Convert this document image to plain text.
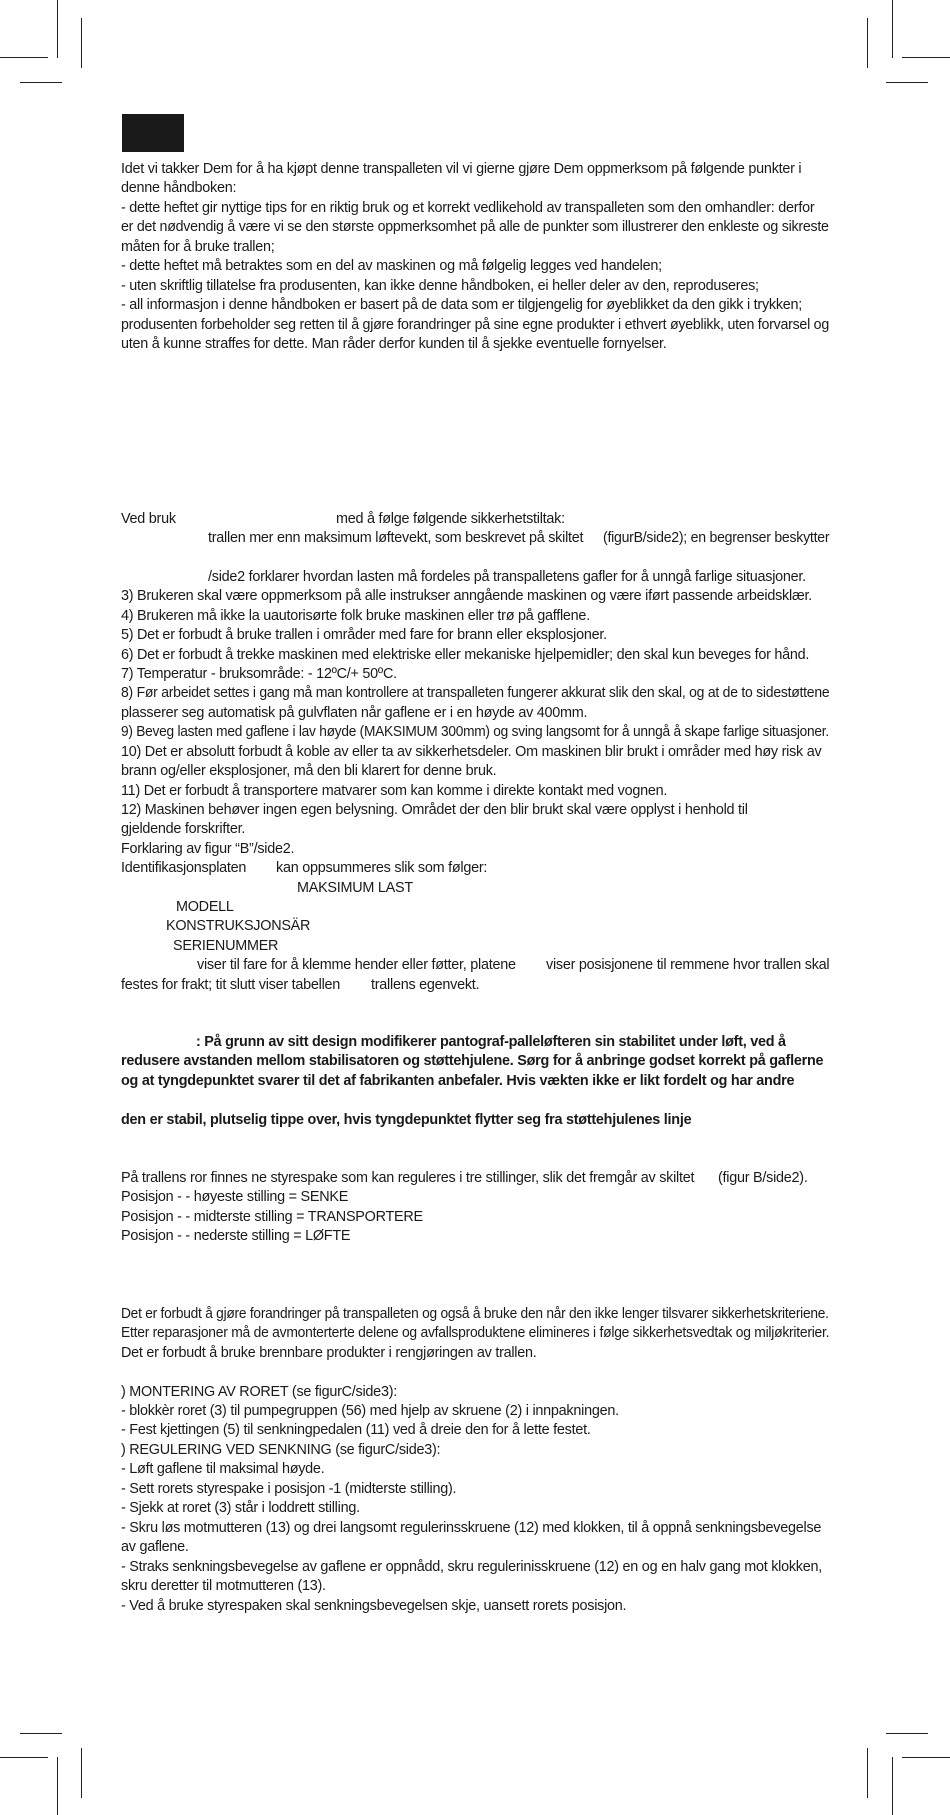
Idet vi takker Dem for å ha kjøpt denne transpalleten vil vi gierne gjøre Dem oppmerksom på følgende punkter i
denne håndboken:
- dette heftet gir nyttige tips for en riktig bruk og et korrekt vedlikehold av transpalleten som den omhandler: derfor
er det nødvendig å være vi se den største oppmerksomhet på alle de punkter som illustrerer den enkleste og sikreste
måten for å bruke trallen;
- dette heftet må betraktes som en del av maskinen og må følgelig legges ved handelen;
- uten skriftlig tillatelse fra produsenten, kan ikke denne håndboken, ei heller deler av den, reproduseres;
- all informasjon i denne håndboken er basert på de data som er tilgjengelig for øyeblikket da den gikk i trykken;
produsenten forbeholder seg retten til å gjøre forandringer på sine egne produkter i ethvert øyeblikk, uten forvarsel og
uten å kunne straffes for dette. Man råder derfor kunden til å sjekke eventuelle fornyelser.
Ved bruk	med å følge følgende sikkerhetstiltak:
trallen mer enn maksimum løftevekt, som beskrevet på skiltet (figurB/side2); en begrenser beskytter
/side2 forklarer hvordan lasten må fordeles på transpalletens gafler for å unngå farlige situasjoner.
3) Brukeren skal være oppmerksom på alle instrukser anngående maskinen og være iført passende arbeidsklær.
4) Brukeren må ikke la uautorisørte folk bruke maskinen eller trø på gafflene.
5) Det er forbudt å bruke trallen i områder med fare for brann eller eksplosjoner.
6) Det er forbudt å trekke maskinen med elektriske eller mekaniske hjelpemidler; den skal kun beveges for hånd.
7) Temperatur - bruksområde: - 12ºC/+ 50ºC.
8) Før arbeidet settes i gang må man kontrollere at transpalleten fungerer akkurat slik den skal, og at de to sidestøttene
plasserer seg automatisk på gulvflaten når gaflene er i en høyde av 400mm.
9) Beveg lasten med gaflene i lav høyde (MAKSIMUM 300mm) og sving langsomt for å unngå å skape farlige situasjoner.
10) Det er absolutt forbudt å koble av eller ta av sikkerhetsdeler. Om maskinen blir brukt i områder med høy risk av
brann og/eller eksplosjoner, må den bli klarert for denne bruk.
11) Det er forbudt å transportere matvarer som kan komme i direkte kontakt med vognen.
12) Maskinen behøver ingen egen belysning. Området der den blir brukt skal være opplyst i henhold til
gjeldende forskrifter.
Forklaring av figur “B”/side2.
Identifikasjonsplaten kan oppsummeres slik som følger:
MAKSIMUM LAST
MODELL
KONSTRUKSJONSÄR
SERIENUMMER
viser til fare for å klemme hender eller føtter, platene viser posisjonene til remmene hvor trallen skal
festes for frakt; tit slutt viser tabellen trallens egenvekt.
: På grunn av sitt design modifikerer pantograf-palleløfteren sin stabilitet under løft, ved å
redusere avstanden mellom stabilisatoren og støttehjulene. Sørg for å anbringe godset korrekt på gaflerne
og at tyngdepunktet svarer til det af fabrikanten anbefaler. Hvis vækten ikke er likt fordelt og har andre
den er stabil, plutselig tippe over, hvis tyngdepunktet flytter seg fra støttehjulenes linje
På trallens ror finnes ne styrespake som kan reguleres i tre stillinger, slik det fremgår av skiltet (figur B/side2).
Posisjon - - høyeste stilling = SENKE
Posisjon - - midterste stilling = TRANSPORTERE
Posisjon - - nederste stilling = LØFTE
Det er forbudt å gjøre forandringer på transpalleten og også å bruke den når den ikke lenger tilsvarer sikkerhetskriteriene.
Etter reparasjoner må de avmonterterte delene og avfallsproduktene elimineres i følge sikkerhetsvedtak og miljøkriterier.
Det er forbudt å bruke brennbare produkter i rengjøringen av trallen.
) MONTERING AV RORET (se figurC/side3):
- blokkèr roret (3) til pumpegruppen (56) med hjelp av skruene (2) i innpakningen.
- Fest kjettingen (5) til senkningpedalen (11) ved å dreie den for å lette festet.
) REGULERING VED SENKNING (se figurC/side3):
- Løft gaflene til maksimal høyde.
- Sett rorets styrespake i posisjon -1 (midterste stilling).
- Sjekk at roret (3) står i loddrett stilling.
- Skru løs motmutteren (13) og drei langsomt regulerinsskruene (12) med klokken, til å oppnå senkningsbevegelse
av gaflene.
- Straks senkningsbevegelse av gaflene er oppnådd, skru regulerinisskruene (12) en og en halv gang mot klokken,
skru deretter til motmutteren (13).
- Ved å bruke styrespaken skal senkningsbevegelsen skje, uansett rorets posisjon.
